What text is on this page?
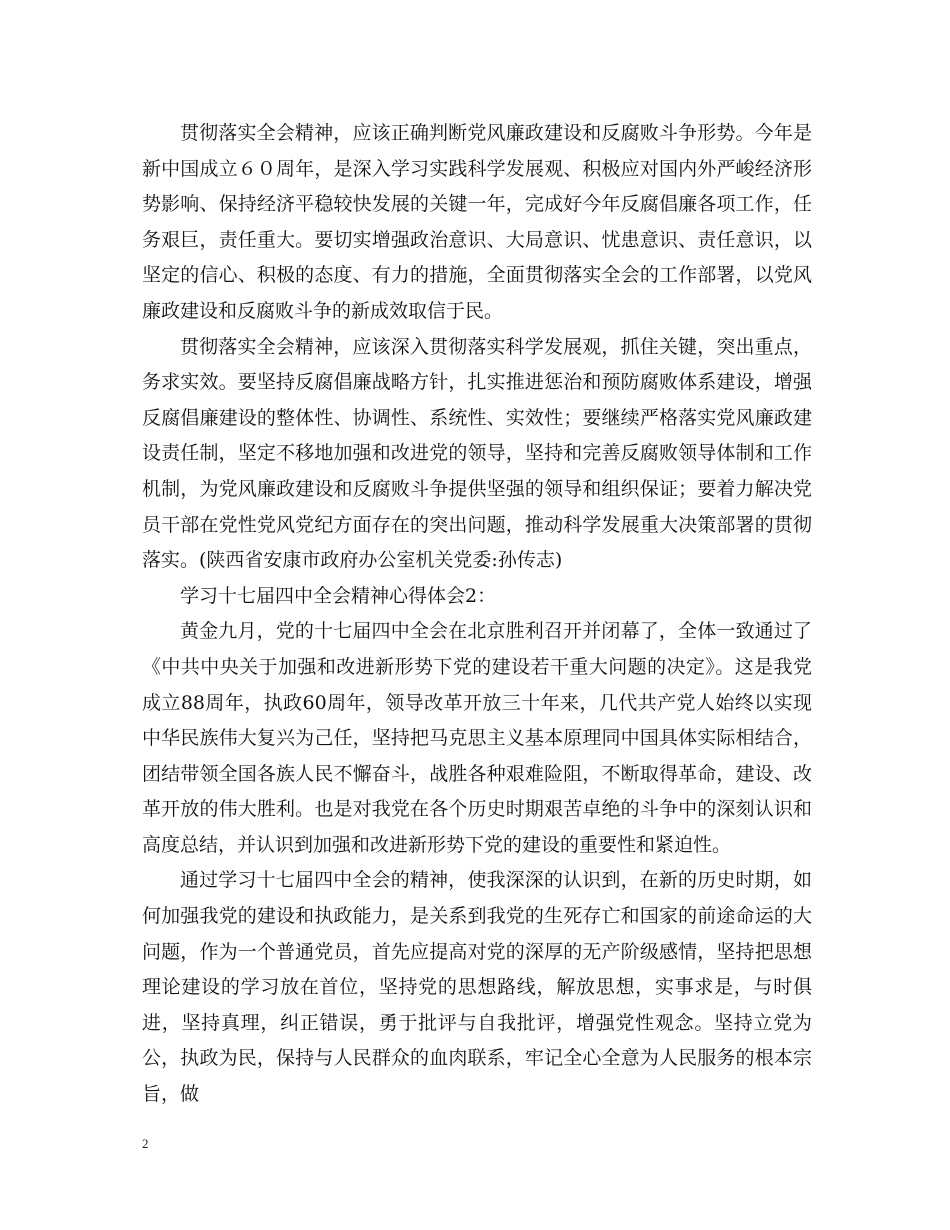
贯彻落实全会精神，应该正确判断党风廉政建设和反腐败斗争形势。今年是新中国成立６０周年，是深入学习实践科学发展观、积极应对国内外严峻经济形势影响、保持经济平稳较快发展的关键一年，完成好今年反腐倡廉各项工作，任务艰巨，责任重大。要切实增强政治意识、大局意识、忧患意识、责任意识，以坚定的信心、积极的态度、有力的措施，全面贯彻落实全会的工作部署，以党风廉政建设和反腐败斗争的新成效取信于民。

贯彻落实全会精神，应该深入贯彻落实科学发展观，抓住关键，突出重点，务求实效。要坚持反腐倡廉战略方针，扎实推进惩治和预防腐败体系建设，增强反腐倡廉建设的整体性、协调性、系统性、实效性；要继续严格落实党风廉政建设责任制，坚定不移地加强和改进党的领导，坚持和完善反腐败领导体制和工作机制，为党风廉政建设和反腐败斗争提供坚强的领导和组织保证；要着力解决党员干部在党性党风党纪方面存在的突出问题，推动科学发展重大决策部署的贯彻落实。(陕西省安康市政府办公室机关党委:孙传志)

学习十七届四中全会精神心得体会2：

黄金九月，党的十七届四中全会在北京胜利召开并闭幕了，全体一致通过了《中共中央关于加强和改进新形势下党的建设若干重大问题的决定》。这是我党成立88周年，执政60周年，领导改革开放三十年来，几代共产党人始终以实现中华民族伟大复兴为己任，坚持把马克思主义基本原理同中国具体实际相结合，团结带领全国各族人民不懈奋斗，战胜各种艰难险阻，不断取得革命，建设、改革开放的伟大胜利。也是对我党在各个历史时期艰苦卓绝的斗争中的深刻认识和高度总结，并认识到加强和改进新形势下党的建设的重要性和紧迫性。

通过学习十七届四中全会的精神，使我深深的认识到，在新的历史时期，如何加强我党的建设和执政能力，是关系到我党的生死存亡和国家的前途命运的大问题，作为一个普通党员，首先应提高对党的深厚的无产阶级感情，坚持把思想理论建设的学习放在首位，坚持党的思想路线，解放思想，实事求是，与时俱进，坚持真理，纠正错误，勇于批评与自我批评，增强党性观念。坚持立党为公，执政为民，保持与人民群众的血肉联系，牢记全心全意为人民服务的根本宗旨，做

2
